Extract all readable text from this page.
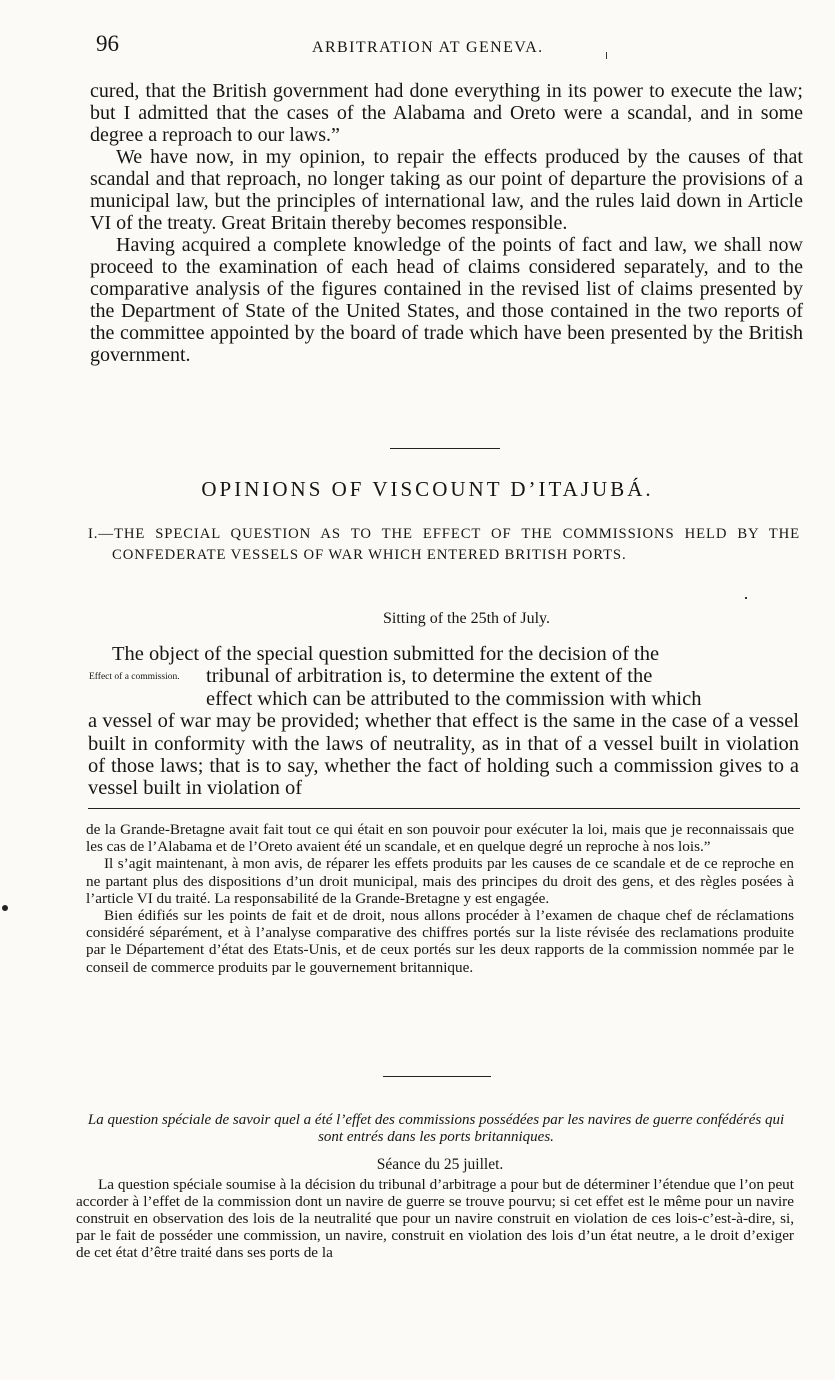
96	ARBITRATION AT GENEVA.

cured, that the British government had done everything in its power to execute the law; but I admitted that the cases of the Alabama and Oreto were a scandal, and in some degree a reproach to our laws.”

We have now, in my opinion, to repair the effects produced by the causes of that scandal and that reproach, no longer taking as our point of departure the provisions of a municipal law, but the principles of international law, and the rules laid down in Article VI of the treaty. Great Britain thereby becomes responsible.

Having acquired a complete knowledge of the points of fact and law, we shall now proceed to the examination of each head of claims considered separately, and to the comparative analysis of the figures contained in the revised list of claims presented by the Department of State of the United States, and those contained in the two reports of the committee appointed by the board of trade which have been presented by the British government.

OPINIONS OF VISCOUNT D’ITAJUBÁ.
I.—THE SPECIAL QUESTION AS TO THE EFFECT OF THE COMMISSIONS HELD BY THE CONFEDERATE VESSELS OF WAR WHICH ENTERED BRITISH PORTS.
Sitting of the 25th of July.
Effect of a commission.

The object of the special question submitted for the decision of the

tribunal of arbitration is, to determine the extent of the

effect which can be attributed to the commission with which

a vessel of war may be provided; whether that effect is the same in the case of a vessel built in conformity with the laws of neutrality, as in that of a vessel built in violation of those laws; that is to say, whether the fact of holding such a commission gives to a vessel built in violation of

de la Grande-Bretagne avait fait tout ce qui était en son pouvoir pour exécuter la loi, mais que je reconnaissais que les cas de l’Alabama et de l’Oreto avaient été un scandale, et en quelque degré un reproche à nos lois.”

Il s’agit maintenant, à mon avis, de réparer les effets produits par les causes de ce scandale et de ce reproche en ne partant plus des dispositions d’un droit municipal, mais des principes du droit des gens, et des règles posées à l’article VI du traité. La responsabilité de la Grande-Bretagne y est engagée.

Bien édifiés sur les points de fait et de droit, nous allons procéder à l’examen de chaque chef de réclamations considéré séparément, et à l’analyse comparative des chiffres portés sur la liste révisée des reclamations produite par le Département d’état des Etats-Unis, et de ceux portés sur les deux rapports de la commission nommée par le conseil de commerce produits par le gouvernement britannique.

La question spéciale de savoir quel a été l’effet des commissions possédées par les navires de guerre confédérés qui sont entrés dans les ports britanniques.
Séance du 25 juillet.

La question spéciale soumise à la décision du tribunal d’arbitrage a pour but de déterminer l’étendue que l’on peut accorder à l’effet de la commission dont un navire de guerre se trouve pourvu; si cet effet est le même pour un navire construit en observation des lois de la neutralité que pour un navire construit en violation de ces lois-c’est-à-dire, si, par le fait de posséder une commission, un navire, construit en violation des lois d’un état neutre, a le droit d’exiger de cet état d’être traité dans ses ports de la
